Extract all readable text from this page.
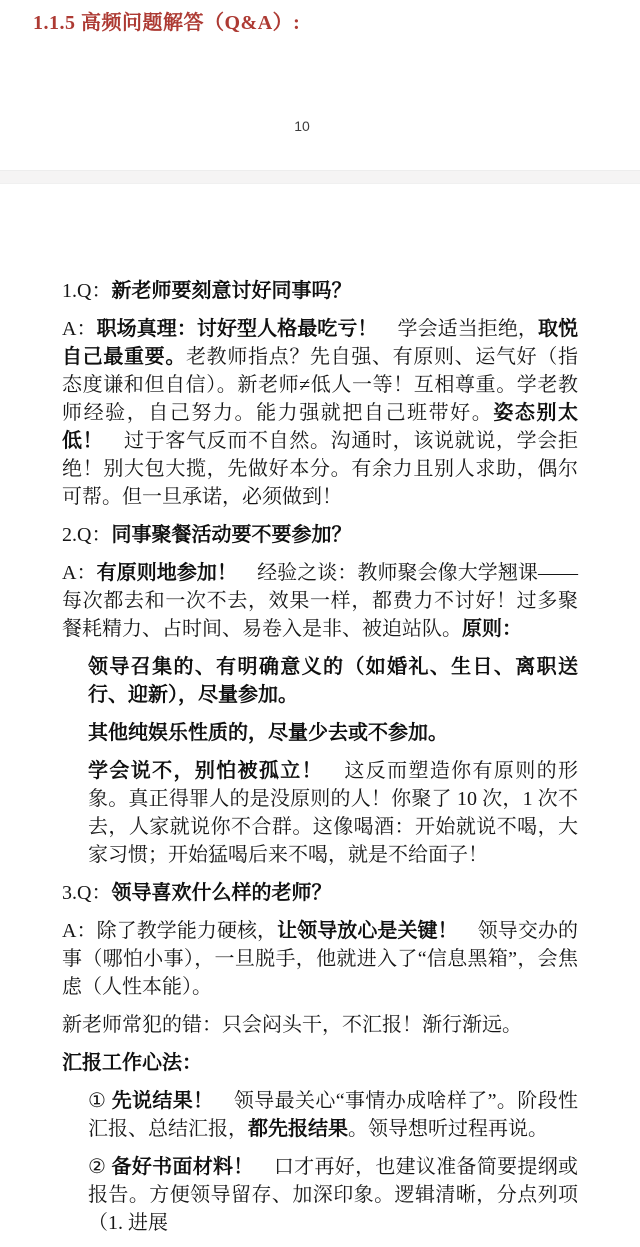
1.1.5 高频问题解答（Q&A）:
10

1.Q：新老师要刻意讨好同事吗？

A：职场真理：讨好型人格最吃亏！　学会适当拒绝，取悦自己最重要。老教师指点？先自强、有原则、运气好（指态度谦和但自信）。新老师≠低人一等！互相尊重。学老教师经验，自己努力。能力强就把自己班带好。姿态别太低！　过于客气反而不自然。沟通时，该说就说，学会拒绝！别大包大揽，先做好本分。有余力且别人求助，偶尔可帮。但一旦承诺，必须做到！

2.Q：同事聚餐活动要不要参加？

A：有原则地参加！　经验之谈：教师聚会像大学翘课——每次都去和一次不去，效果一样，都费力不讨好！过多聚餐耗精力、占时间、易卷入是非、被迫站队。原则：

领导召集的、有明确意义的（如婚礼、生日、离职送行、迎新），尽量参加。

其他纯娱乐性质的，尽量少去或不参加。

学会说不，别怕被孤立！　这反而塑造你有原则的形象。真正得罪人的是没原则的人！你聚了 10 次，1 次不去，人家就说你不合群。这像喝酒：开始就说不喝，大家习惯；开始猛喝后来不喝，就是不给面子！

3.Q：领导喜欢什么样的老师？

A：除了教学能力硬核，让领导放心是关键！　领导交办的事（哪怕小事），一旦脱手，他就进入了“信息黑箱”，会焦虑（人性本能）。

新老师常犯的错：只会闷头干，不汇报！渐行渐远。

汇报工作心法：

① 先说结果！　领导最关心“事情办成啥样了”。阶段性汇报、总结汇报，都先报结果。领导想听过程再说。

② 备好书面材料！　口才再好，也建议准备简要提纲或报告。方便领导留存、加深印象。逻辑清晰，分点列项（1. 进展
